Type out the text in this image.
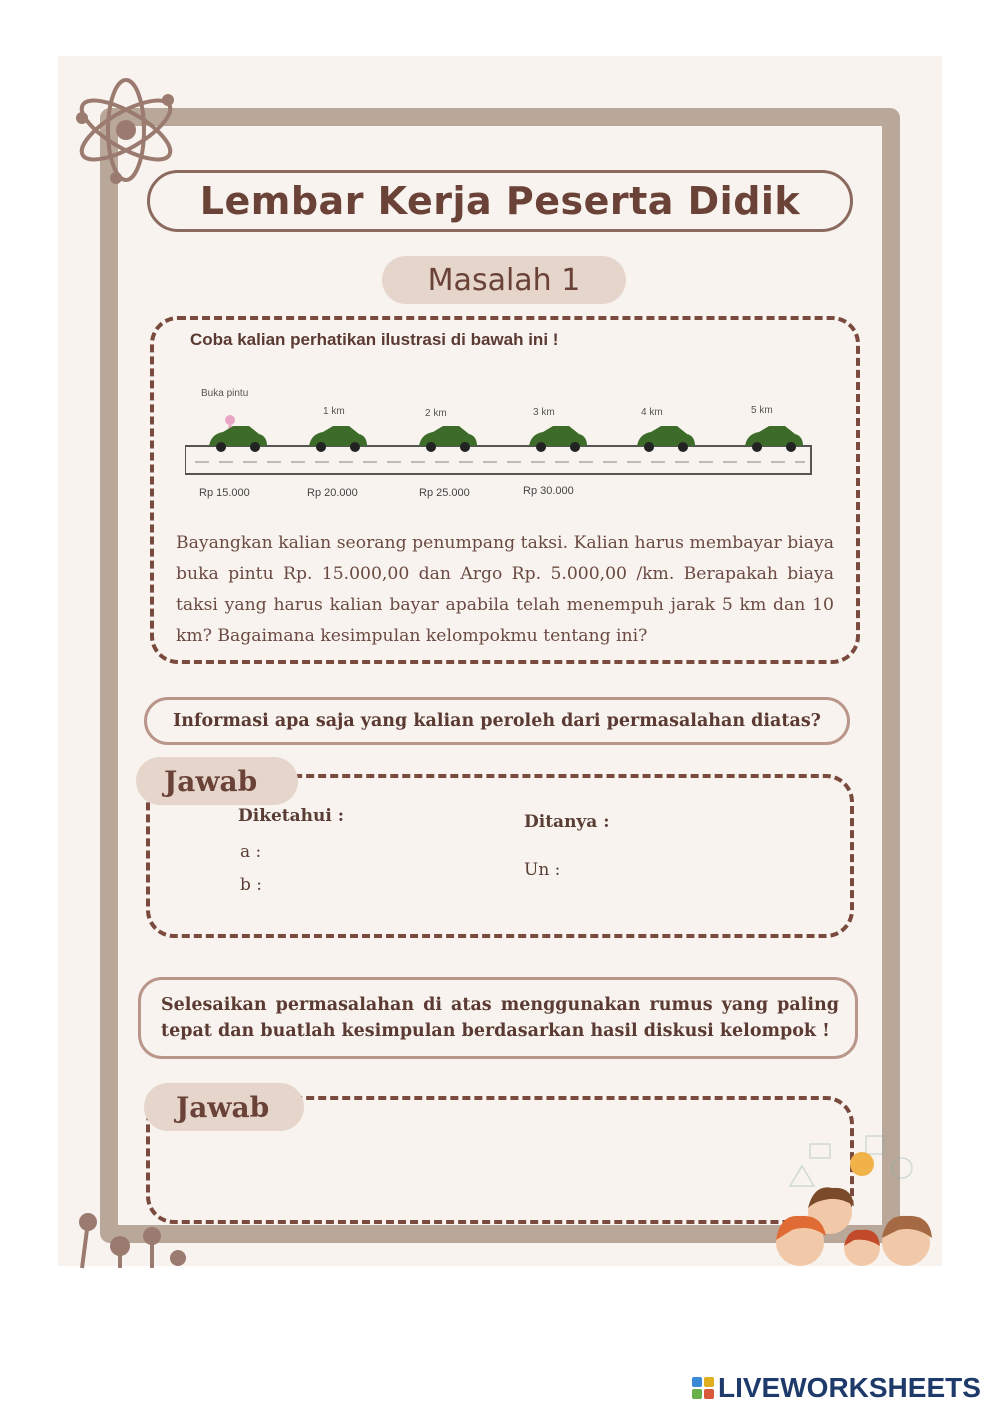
Lembar Kerja Peserta Didik
Masalah 1
Coba kalian perhatikan ilustrasi di bawah ini !
Buka pintu
1 km	2 km	3 km	4 km	5 km
Rp 15.000	Rp 20.000	Rp 25.000	Rp 30.000
Bayangkan kalian seorang penumpang taksi. Kalian harus membayar biaya buka pintu Rp. 15.000,00 dan Argo Rp. 5.000,00 /km. Berapakah biaya taksi yang harus kalian bayar apabila telah menempuh jarak 5 km dan 10 km? Bagaimana kesimpulan kelompokmu tentang ini?
Informasi apa saja yang kalian peroleh dari permasalahan diatas?
Jawab
Diketahui :
a :
b :
Ditanya :
Un :
Selesaikan permasalahan di atas menggunakan rumus yang paling tepat dan buatlah kesimpulan berdasarkan hasil diskusi kelompok !
Jawab
LIVEWORKSHEETS
